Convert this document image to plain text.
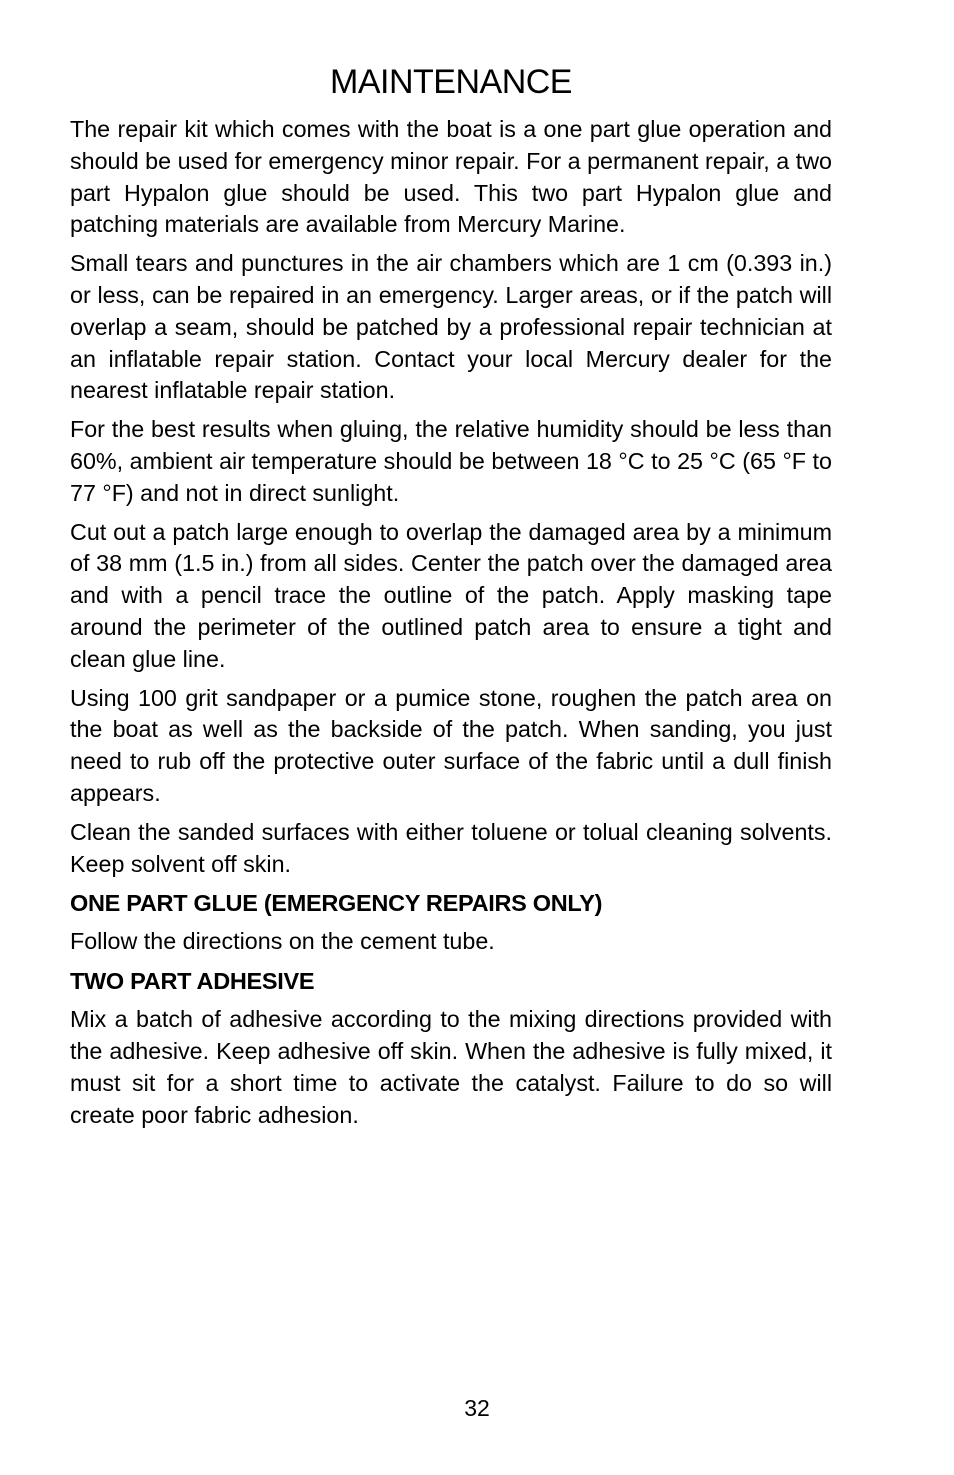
MAINTENANCE

The repair kit which comes with the boat is a one part glue operation and should be used for emergency minor repair. For a permanent repair, a two part Hypalon glue should be used. This two part Hypalon glue and patching materials are available from Mercury Marine.

Small tears and punctures in the air chambers which are 1 cm (0.393 in.) or less, can be repaired in an emergency. Larger areas, or if the patch will overlap a seam, should be patched by a professional repair technician at an inflatable repair station. Contact your local Mercury dealer for the nearest inflatable repair station.

For the best results when gluing, the relative humidity should be less than 60%, ambient air temperature should be between 18 °C to 25 °C (65 °F to 77 °F) and not in direct sunlight.

Cut out a patch large enough to overlap the damaged area by a minimum of 38 mm (1.5 in.) from all sides. Center the patch over the damaged area and with a pencil trace the outline of the patch. Apply masking tape around the perimeter of the outlined patch area to ensure a tight and clean glue line.

Using 100 grit sandpaper or a pumice stone, roughen the patch area on the boat as well as the backside of the patch. When sanding, you just need to rub off the protective outer surface of the fabric until a dull finish appears.

Clean the sanded surfaces with either toluene or tolual cleaning solvents. Keep solvent off skin.

ONE PART GLUE (EMERGENCY REPAIRS ONLY)

Follow the directions on the cement tube.

TWO PART ADHESIVE

Mix a batch of adhesive according to the mixing directions provided with the adhesive. Keep adhesive off skin. When the adhesive is fully mixed, it must sit for a short time to activate the catalyst. Failure to do so will create poor fabric adhesion.

32
